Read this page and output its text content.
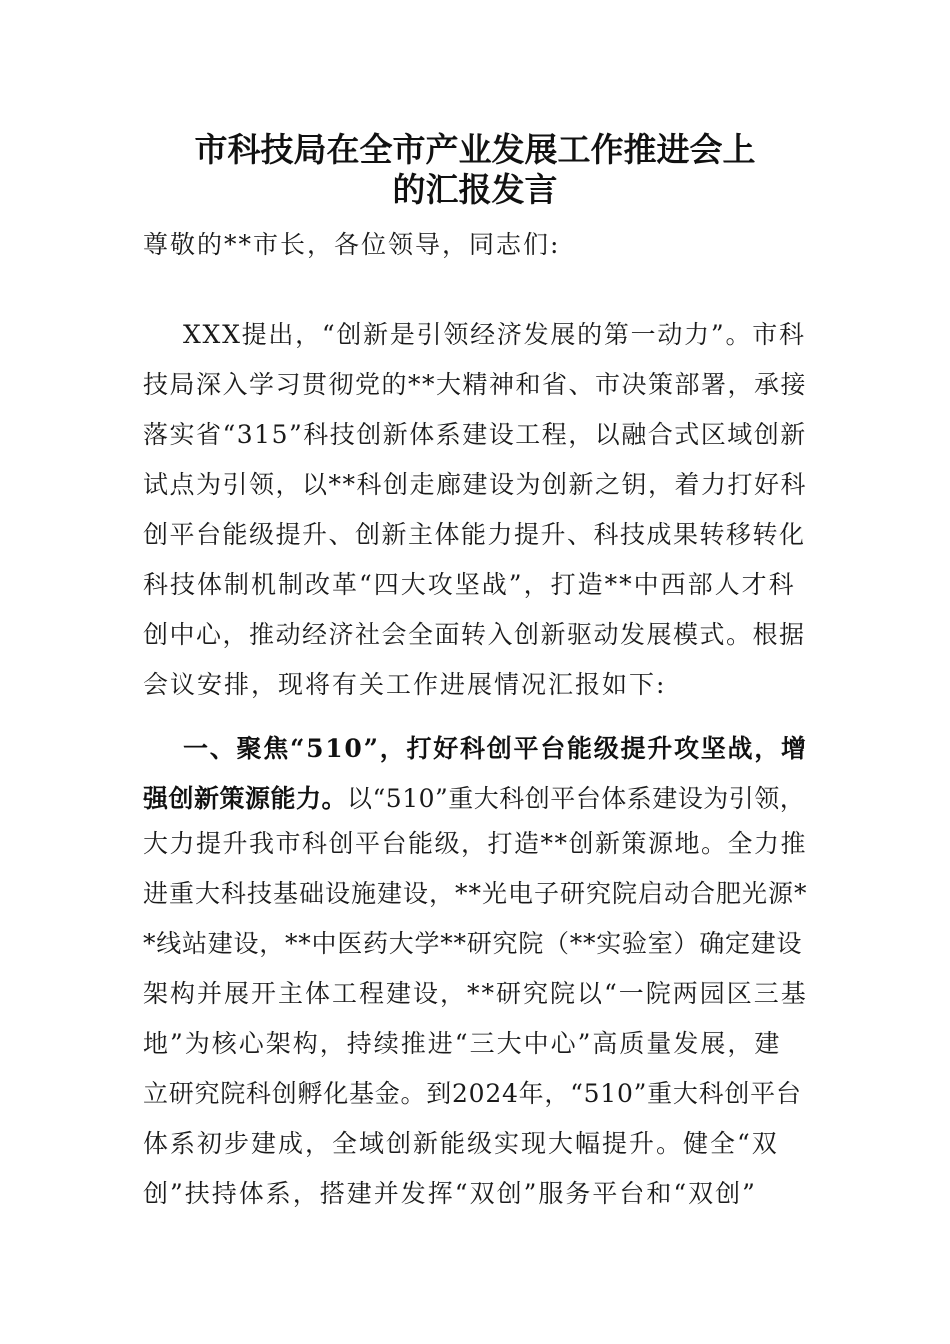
市科技局在全市产业发展工作推进会上
的汇报发言
尊敬的**市长，各位领导，同志们:
XXX提出，“创新是引领经济发展的第一动力”。市科
技局深入学习贯彻党的**大精神和省、市决策部署，承接
落实省“315”科技创新体系建设工程，以融合式区域创新
试点为引领，以**科创走廊建设为创新之钥，着力打好科
创平台能级提升、创新主体能力提升、科技成果转移转化
科技体制机制改革“四大攻坚战”，打造**中西部人才科
创中心，推动经济社会全面转入创新驱动发展模式。根据
会议安排，现将有关工作进展情况汇报如下:
一、聚焦“510”，打好科创平台能级提升攻坚战，增
强创新策源能力。以“510”重大科创平台体系建设为引领，
大力提升我市科创平台能级，打造**创新策源地。全力推
进重大科技基础设施建设，**光电子研究院启动合肥光源*
*线站建设，**中医药大学**研究院（**实验室）确定建设
架构并展开主体工程建设，**研究院以“一院两园区三基
地”为核心架构，持续推进“三大中心”高质量发展，建
立研究院科创孵化基金。到2024年，“510”重大科创平台
体系初步建成，全域创新能级实现大幅提升。健全“双
创”扶持体系，搭建并发挥“双创”服务平台和“双创”
